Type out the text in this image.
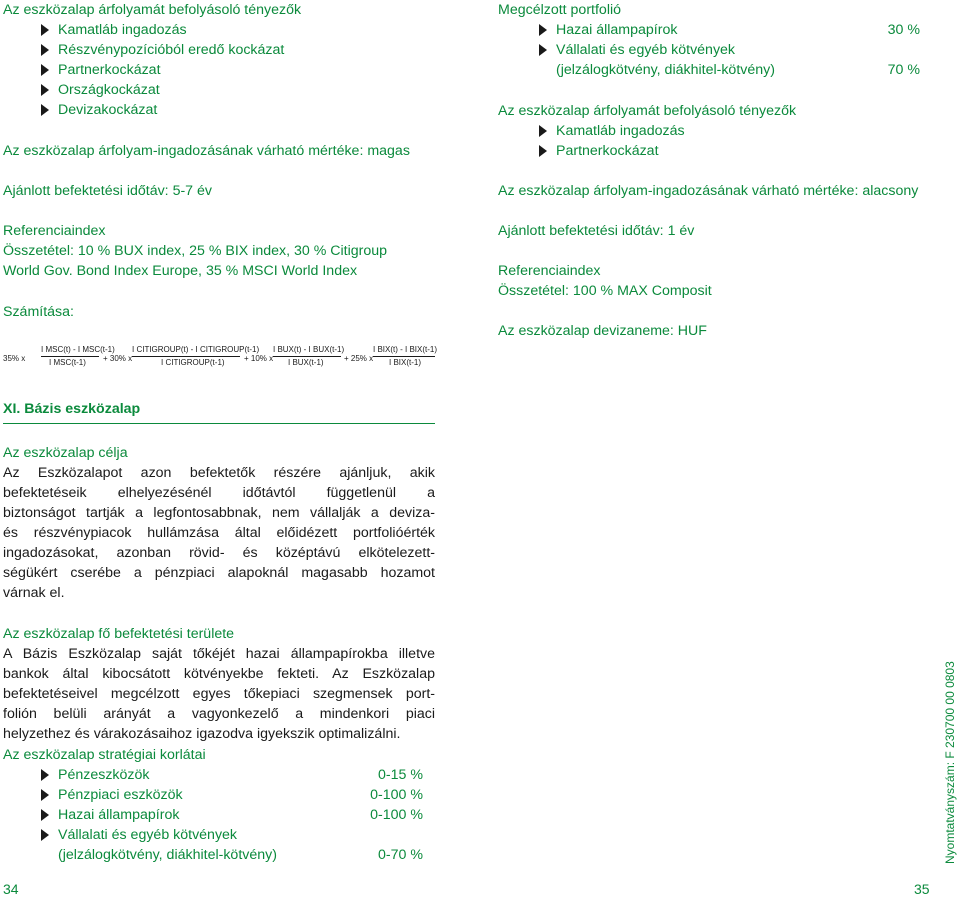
Az eszközalap árfolyamát befolyásoló tényezők
Kamatláb ingadozás
Részvénypozícióból eredő kockázat
Partnerkockázat
Országkockázat
Devizakockázat
Az eszközalap árfolyam-ingadozásának várható mértéke: magas
Ajánlott befektetési időtáv: 5-7 év
Referenciaindex
Összetétel: 10 % BUX index, 25 % BIX index, 30 % Citigroup
World Gov. Bond Index Europe, 35 % MSCI World Index
Számítása:
35% x
I MSC(t) - I MSC(t-1)
I MSC(t-1) + 30% x
I CITIGROUP(t) - I CITIGROUP(t-1)
I CITIGROUP(t-1) + 10% x
I BUX(t) - I BUX(t-1)
I BUX(t-1)	+ 25% x
I BIX(t) - I BIX(t-1)
I BIX(t-1)
XI. Bázis eszközalap
Az eszközalap célja
Az Eszközalapot azon befektetők részére ajánljuk, akik
befektetéseik elhelyezésénél időtávtól függetlenül a
biztonságot tartják a legfontosabbnak, nem vállalják a deviza-
és részvénypiacok hullámzása által előidézett portfolióérték
ingadozásokat, azonban rövid- és középtávú elkötelezett-
ségükért cserébe a pénzpiaci alapoknál magasabb hozamot
várnak el.
Az eszközalap fő befektetési területe
A Bázis Eszközalap saját tőkéjét hazai állampapírokba illetve
bankok által kibocsátott kötvényekbe fekteti. Az Eszközalap
befektetéseivel megcélzott egyes tőkepiaci szegmensek port-
folión belüli arányát a vagyonkezelő a mindenkori piaci
helyzethez és várakozásaihoz igazodva igyekszik optimalizálni.
Az eszközalap stratégiai korlátai
Pénzeszközök	0-15 %
Pénzpiaci eszközök	0-100 %
Hazai állampapírok	0-100 %
Vállalati és egyéb kötvények
(jelzálogkötvény, diákhitel-kötvény)	0-70 %
34
Megcélzott portfolió
Hazai állampapírok	30 %
Vállalati és egyéb kötvények
(jelzálogkötvény, diákhitel-kötvény)	70 %
Az eszközalap árfolyamát befolyásoló tényezők
Kamatláb ingadozás
Partnerkockázat
Az eszközalap árfolyam-ingadozásának várható mértéke: alacsony
Ajánlott befektetési időtáv: 1 év
Referenciaindex
Összetétel: 100 % MAX Composit
Az eszközalap devizaneme: HUF
35
Nyomtatványszám: F 230700 00 0803
